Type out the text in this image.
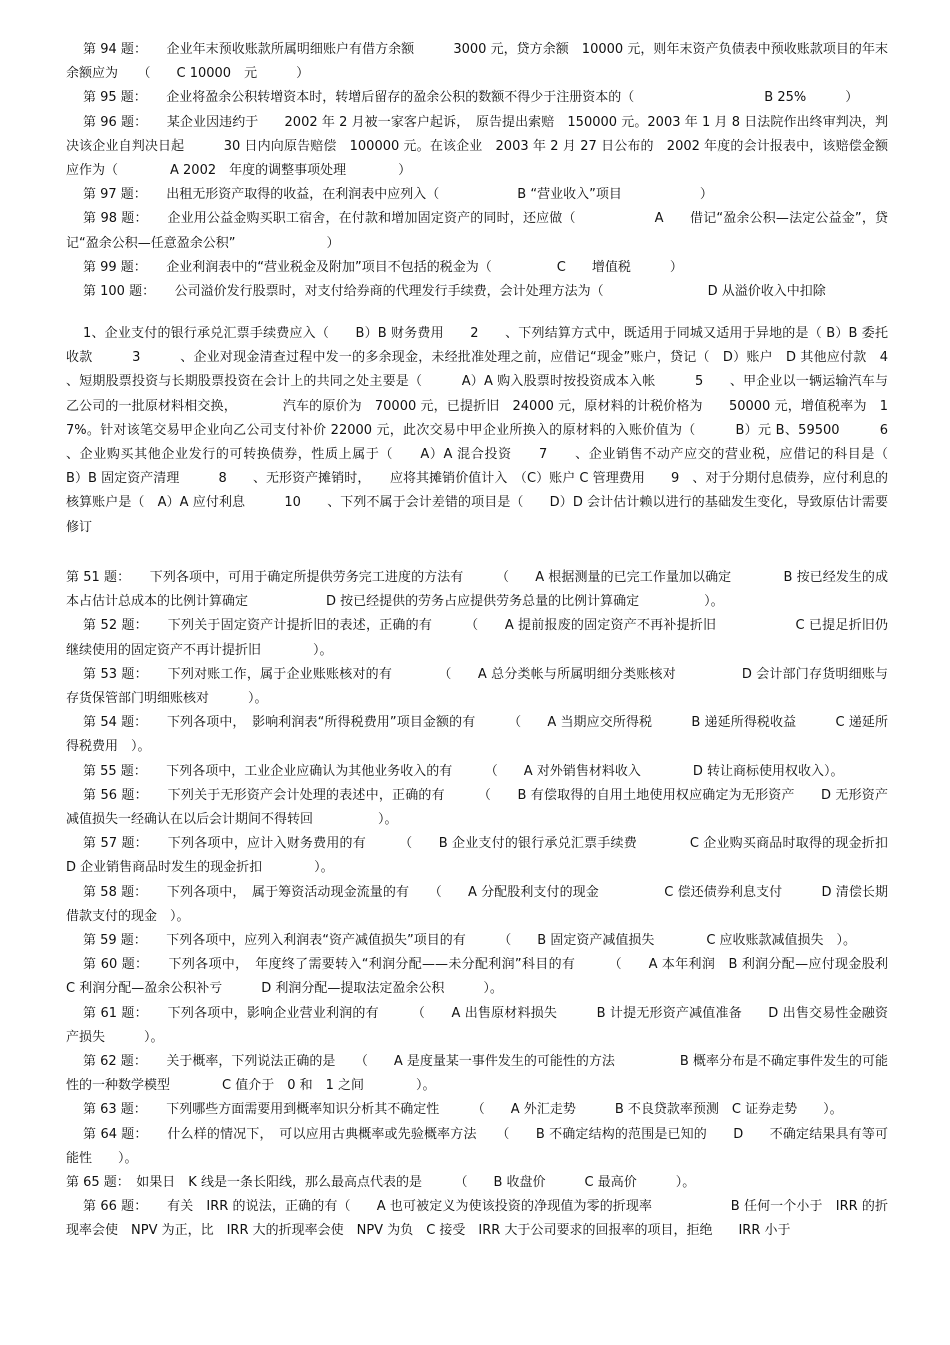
第 94 题：　　企业年末预收账款所属明细账户有借方余额　　　3000 元，贷方余额　10000 元，则年末资产负债表中预收账款项目的年末余额应为　　（　　C 10000　元　　　）

第 95 题：　　企业将盈余公积转增资本时，转增后留存的盈余公积的数额不得少于注册资本的（　　　　　　　　　　B 25%　　　）

第 96 题：　　某企业因违约于　　2002 年 2 月被一家客户起诉，　原告提出索赔　150000 元。2003 年 1 月 8 日法院作出终审判决，判决该企业自判决日起　　　30 日内向原告赔偿　100000 元。在该企业　2003 年 2 月 27 日公布的　2002 年度的会计报表中，该赔偿金额应作为（　　　　A 2002　年度的调整事项处理　　　　）

第 97 题：　　出租无形资产取得的收益，在利润表中应列入（　　　　　　B “营业收入”项目　　　　　　）

第 98 题：　　企业用公益金购买职工宿舍，在付款和增加固定资产的同时，还应做（　　　　　　A　　借记“盈余公积—法定公益金”，贷记“盈余公积—任意盈余公积”　　　　　　　）

第 99 题：　　企业利润表中的“营业税金及附加”项目不包括的税金为（　　　　　C　　增值税　　　）

第 100 题：　　公司溢价发行股票时，对支付给券商的代理发行手续费，会计处理方法为（　　　　　　　　D 从溢价收入中扣除

1、企业支付的银行承兑汇票手续费应入（　　B）B 财务费用　　2　　、下列结算方式中，既适用于同城又适用于异地的是（ B）B 委托收款　　　3　　　、企业对现金清查过程中发一的多余现金，未经批准处理之前，应借记“现金”账户，贷记（　D）账户　D 其他应付款　4　、短期股票投资与长期股票投资在会计上的共同之处主要是（　　　A）A 购入股票时按投资成本入帐　　　5　　、甲企业以一辆运输汽车与乙公司的一批原材料相交换，　　　　汽车的原价为　70000 元，已提折旧　24000 元，原材料的计税价格为　　50000 元，增值税率为　17%。针对该笔交易甲企业向乙公司支付补价 22000 元，此次交易中甲企业所换入的原材料的入账价值为（　　　B）元 B、59500　　　6　　、企业购买其他企业发行的可转换债券，性质上属于（　　A）A 混合投资　　7　　、企业销售不动产应交的营业税，应借记的科目是（　　　B）B 固定资产清理　　　8　　、无形资产摊销时，　　应将其摊销价值计入　（C）账户 C 管理费用　　9　、对于分期付息债券，应付利息的核算账户是（　A）A 应付利息　　　10　　、下列不属于会计差错的项目是（　　D）D 会计估计赖以进行的基础发生变化，导致原估计需要修订

第 51 题：　　下列各项中，可用于确定所提供劳务完工进度的方法有　　　（　　A 根据测量的已完工作量加以确定　　　　B 按已经发生的成本占估计总成本的比例计算确定　　　　　　D 按已经提供的劳务占应提供劳务总量的比例计算确定　　　　　）。

第 52 题：　　下列关于固定资产计提折旧的表述，正确的有　　　（　　A 提前报废的固定资产不再补提折旧　　　　　　C 已提足折旧仍继续使用的固定资产不再计提折旧　　　　）。

第 53 题：　　下列对账工作，属于企业账账核对的有　　　　（　　A 总分类帐与所属明细分类账核对　　　　　D 会计部门存货明细账与存货保管部门明细账核对　　　）。

第 54 题：　　下列各项中，　影响利润表“所得税费用”项目金额的有　　　（　　A 当期应交所得税　　　B 递延所得税收益　　　C 递延所得税费用　）。

第 55 题：　　下列各项中，工业企业应确认为其他业务收入的有　　　（　　A 对外销售材料收入　　　　D 转让商标使用权收入）。

第 56 题：　　下列关于无形资产会计处理的表述中，正确的有　　　（　　B 有偿取得的自用土地使用权应确定为无形资产　　D 无形资产减值损失一经确认在以后会计期间不得转回　　　　　）。

第 57 题：　　下列各项中，应计入财务费用的有　　　（　　B 企业支付的银行承兑汇票手续费　　　　C 企业购买商品时取得的现金折扣　　　D 企业销售商品时发生的现金折扣　　　　）。

第 58 题：　　下列各项中，　属于筹资活动现金流量的有　　（　　A 分配股利支付的现金　　　　　C 偿还债券利息支付　　　D 清偿长期借款支付的现金　）。

第 59 题：　　下列各项中，应列入利润表“资产减值损失”项目的有　　　（　　B 固定资产减值损失　　　　C 应收账款减值损失　）。

第 60 题：　　下列各项中，　年度终了需要转入“利润分配——未分配利润”科目的有　　　（　　A 本年利润　B 利润分配—应付现金股利　　　C 利润分配—盈余公积补亏　　　D 利润分配—提取法定盈余公积　　　）。

第 61 题：　　下列各项中，影响企业营业利润的有　　　（　　A 出售原材料损失　　　B 计提无形资产减值准备　　D 出售交易性金融资产损失　　　）。

第 62 题：　　关于概率，下列说法正确的是　　（　　A 是度量某一事件发生的可能性的方法　　　　　B 概率分布是不确定事件发生的可能性的一种数学模型　　　　C 值介于　0 和　1 之间　　　　）。

第 63 题：　　下列哪些方面需要用到概率知识分析其不确定性　　　（　　A 外汇走势　　　B 不良贷款率预测　C 证券走势　　）。

第 64 题：　　什么样的情况下，　可以应用古典概率或先验概率方法　　（　　B 不确定结构的范围是已知的　　D　　不确定结果具有等可能性　　）。

第 65 题：　如果日　K 线是一条长阳线，那么最高点代表的是　　　（　　B 收盘价　　　C 最高价　　　）。

第 66 题：　　有关　IRR 的说法，正确的有（　　A 也可被定义为使该投资的净现值为零的折现率　　　　　　B 任何一个小于　IRR 的折现率会使　NPV 为正，比　IRR 大的折现率会使　NPV 为负　C 接受　IRR 大于公司要求的回报率的项目，拒绝　　IRR 小于
